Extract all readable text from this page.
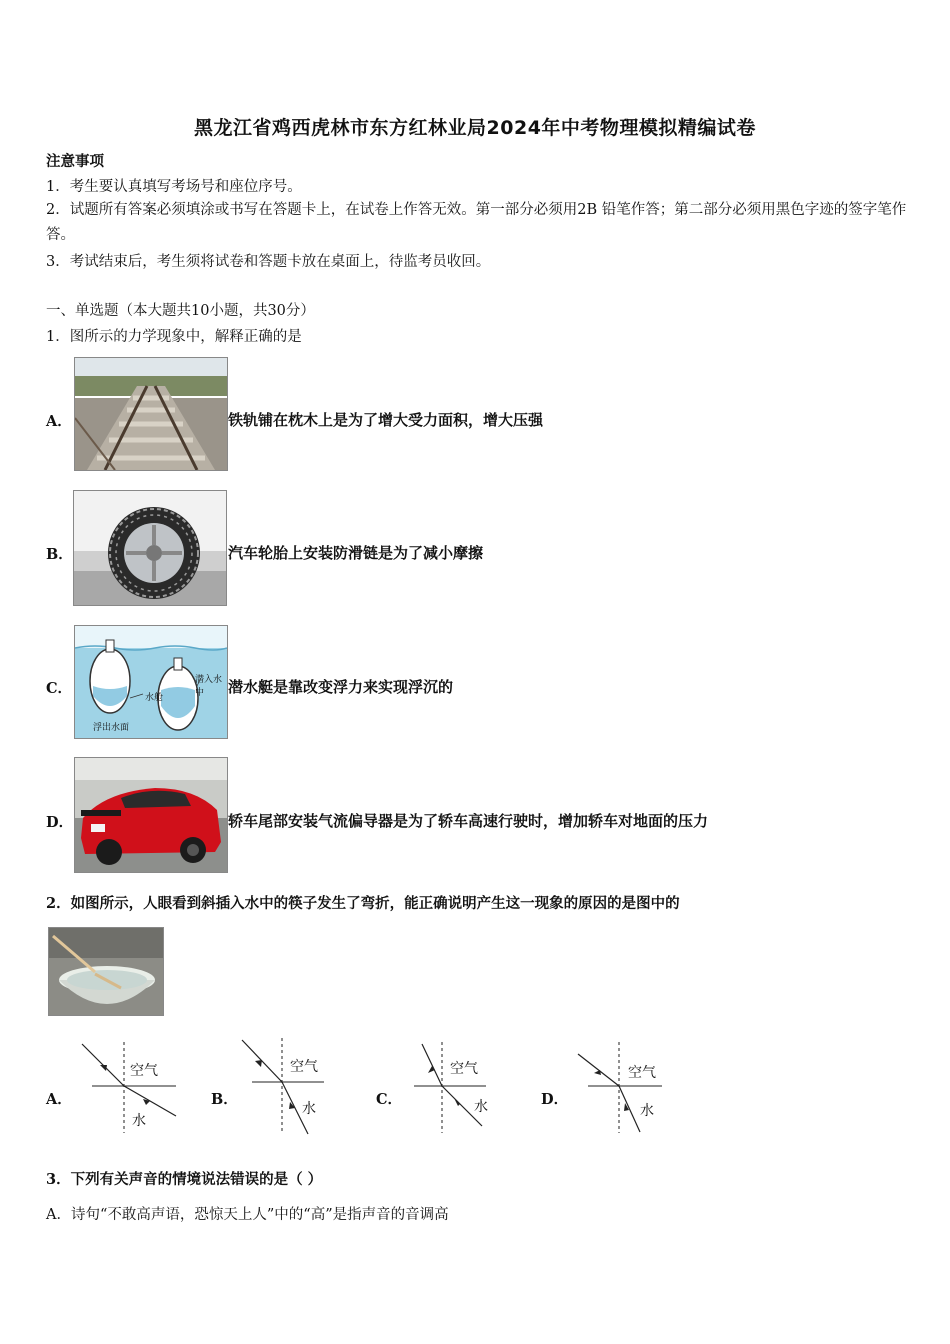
黑龙江省鸡西虎林市东方红林业局2024年中考物理模拟精编试卷
注意事项
1．考生要认真填写考场号和座位序号。
2．试题所有答案必须填涂或书写在答题卡上，在试卷上作答无效。第一部分必须用2B 铅笔作答；第二部分必须用黑色字迹的签字笔作答。
3．考试结束后，考生须将试卷和答题卡放在桌面上，待监考员收回。
一、单选题（本大题共10小题，共30分）
1．图所示的力学现象中，解释正确的是
A．	铁轨铺在枕木上是为了增大受力面积，增大压强
B．	汽车轮胎上安装防滑链是为了减小摩擦
C．	潜入水中
水舱
浮出水面
潜水艇是靠改变浮力来实现浮沉的
D．	轿车尾部安装气流偏导器是为了轿车高速行驶时，增加轿车对地面的压力
2．如图所示，人眼看到斜插入水中的筷子发生了弯折，能正确说明产生这一现象的原因的是图中的
A．
空气
水
B．
空气
水
C．
空气
水	D．
空气
水
3．下列有关声音的情境说法错误的是（ ）
A．诗句“不敢高声语，恐惊天上人”中的“高”是指声音的音调高
